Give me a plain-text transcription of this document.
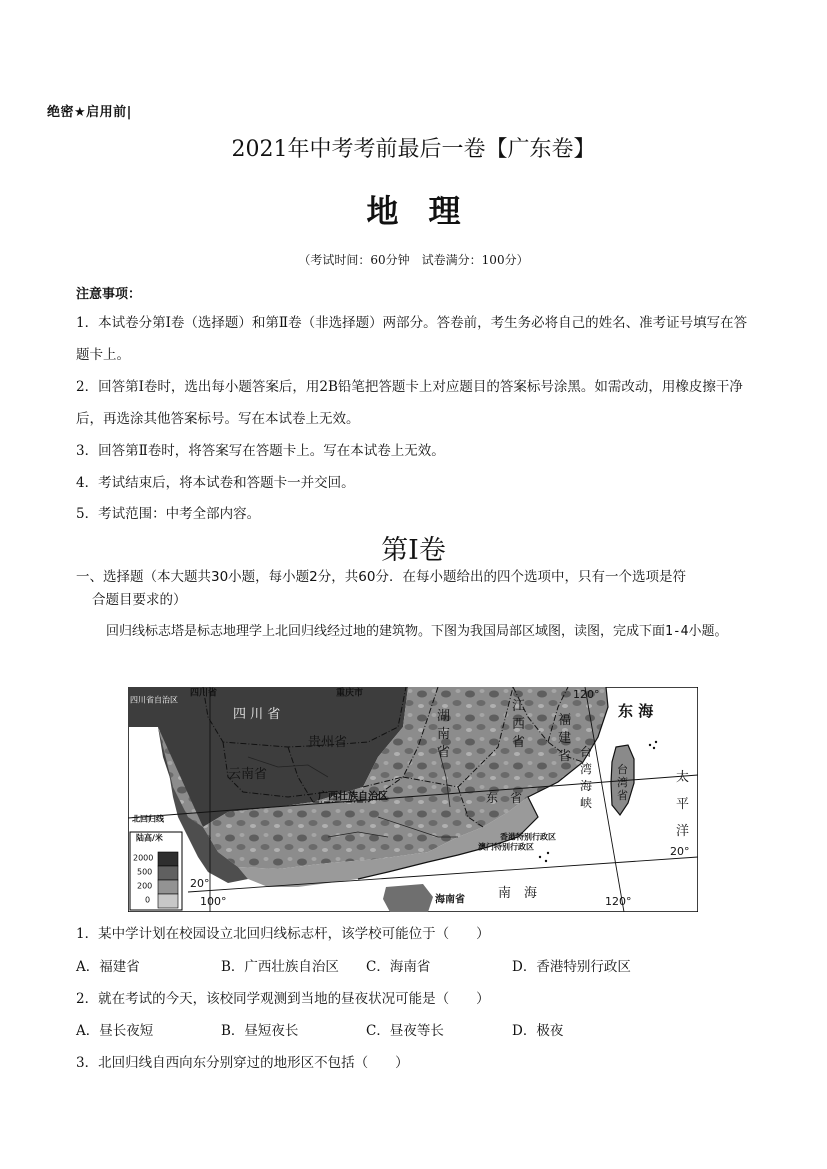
绝密★启用前|
2021年中考考前最后一卷【广东卷】
地理
（考试时间：60分钟　试卷满分：100分）
注意事项：
1．本试卷分第Ⅰ卷（选择题）和第Ⅱ卷（非选择题）两部分。答卷前，考生务必将自己的姓名、准考证号填写在答题卡上。
2．回答第Ⅰ卷时，选出每小题答案后，用2B铅笔把答题卡上对应题目的答案标号涂黑。如需改动，用橡皮擦干净后，再选涂其他答案标号。写在本试卷上无效。
3．回答第Ⅱ卷时，将答案写在答题卡上。写在本试卷上无效。
4．考试结束后，将本试卷和答题卡一并交回。
5．考试范围：中考全部内容。
第Ⅰ卷
一、选择题（本大题共30小题，每小题2分，共60分．在每小题给出的四个选项中，只有一个选项是符
合题目要求的）
回归线标志塔是标志地理学上北回归线经过地的建筑物。下图为我国局部区域图，读图，完成下面1-4小题。
四川省	重庆市	120°
四川省自治区
四 川 省
贵州省
云南省
东 海
广西壮族自治区	东　省
北回归线
香港特别行政区
澳门特别行政区	20°
20°
100°	海南省	南　海
120°
陆高/米
2000
500
200
0
湖
南
省
江
西
省
福
建
省 台
湾
海
峡
台
湾
省
太
平
洋
1．某中学计划在校园设立北回归线标志杆，该学校可能位于（　　）
A．福建省	B．广西壮族自治区 C．海南省	D．香港特别行政区
2．就在考试的今天，该校同学观测到当地的昼夜状况可能是（　　）
A．昼长夜短	B．昼短夜长	C．昼夜等长	D．极夜
3．北回归线自西向东分别穿过的地形区不包括（　　）
